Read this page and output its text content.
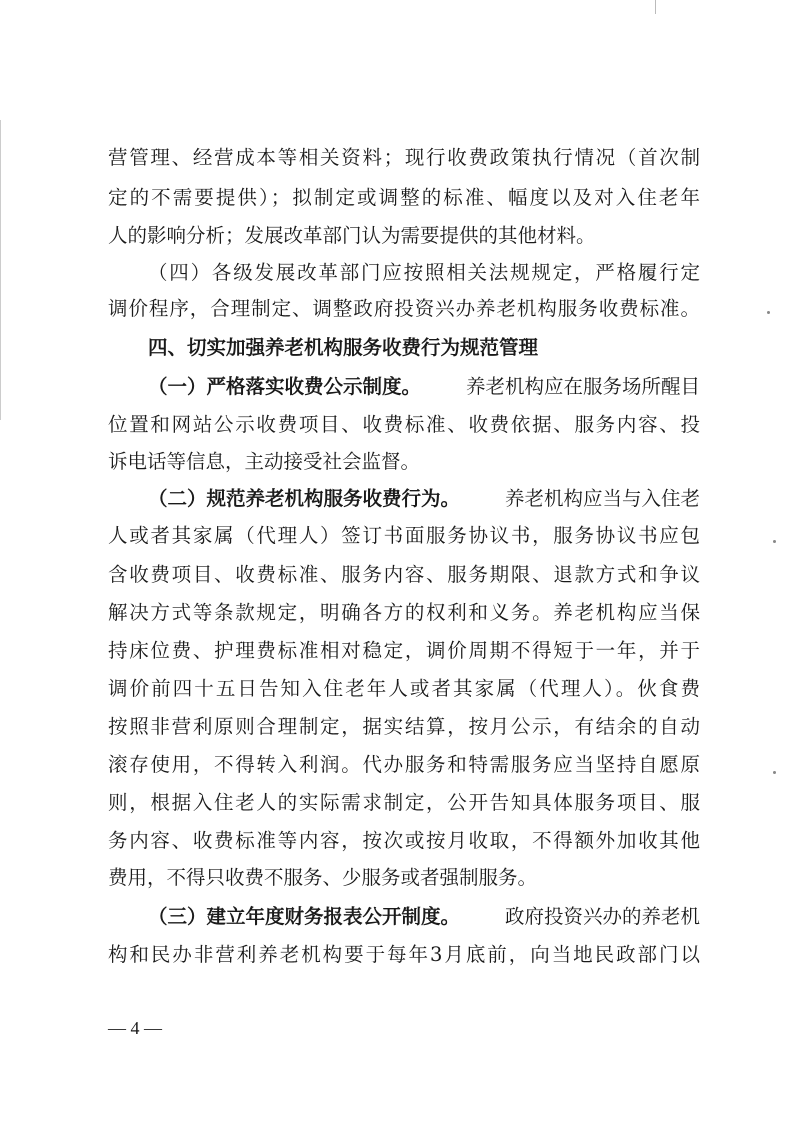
营管理、经营成本等相关资料；现行收费政策执行情况（首次制
定的不需要提供）；拟制定或调整的标准、幅度以及对入住老年
人的影响分析；发展改革部门认为需要提供的其他材料。
（四）各级发展改革部门应按照相关法规规定，严格履行定
调价程序，合理制定、调整政府投资兴办养老机构服务收费标准。
四、切实加强养老机构服务收费行为规范管理
（一）严格落实收费公示制度。 养老机构应在服务场所醒目
位置和网站公示收费项目、收费标准、收费依据、服务内容、投
诉电话等信息，主动接受社会监督。
（二）规范养老机构服务收费行为。 养老机构应当与入住老
人或者其家属（代理人）签订书面服务协议书，服务协议书应包
含收费项目、收费标准、服务内容、服务期限、退款方式和争议
解决方式等条款规定，明确各方的权利和义务。养老机构应当保
持床位费、护理费标准相对稳定，调价周期不得短于一年，并于
调价前四十五日告知入住老年人或者其家属（代理人）。伙食费
按照非营利原则合理制定，据实结算，按月公示，有结余的自动
滚存使用，不得转入利润。代办服务和特需服务应当坚持自愿原
则，根据入住老人的实际需求制定，公开告知具体服务项目、服
务内容、收费标准等内容，按次或按月收取，不得额外加收其他
费用，不得只收费不服务、少服务或者强制服务。
（三）建立年度财务报表公开制度。 政府投资兴办的养老机
构和民办非营利养老机构要于每年3月底前，向当地民政部门以
— 4 —
